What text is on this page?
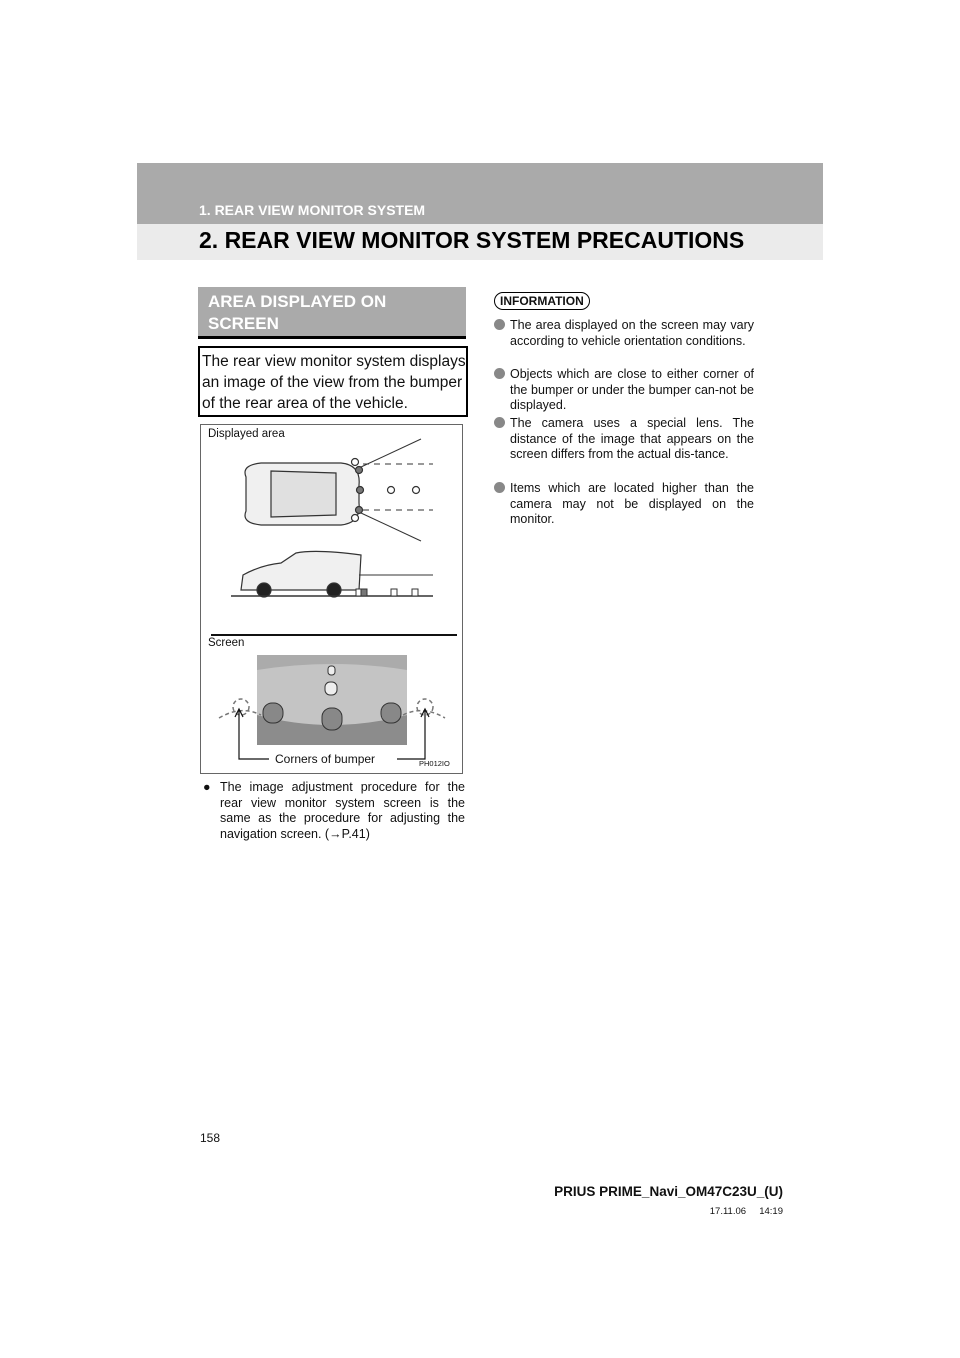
1. REAR VIEW MONITOR SYSTEM
2. REAR VIEW MONITOR SYSTEM PRECAUTIONS
AREA DISPLAYED ON SCREEN
The rear view monitor system displays an image of the view from the bumper of the rear area of the vehicle.
Displayed area
Screen
Corners of bumper	PH012IO
● The image adjustment procedure for the rear view monitor system screen is the same as the procedure for adjusting the navigation screen. (→P.41)
INFORMATION
The area displayed on the screen may vary according to vehicle orientation conditions.
Objects which are close to either corner of the bumper or under the bumper can-not be displayed.
The camera uses a special lens. The distance of the image that appears on the screen differs from the actual dis-tance.
Items which are located higher than the camera may not be displayed on the monitor.
158
PRIUS PRIME_Navi_OM47C23U_(U)
17.11.06     14:19
